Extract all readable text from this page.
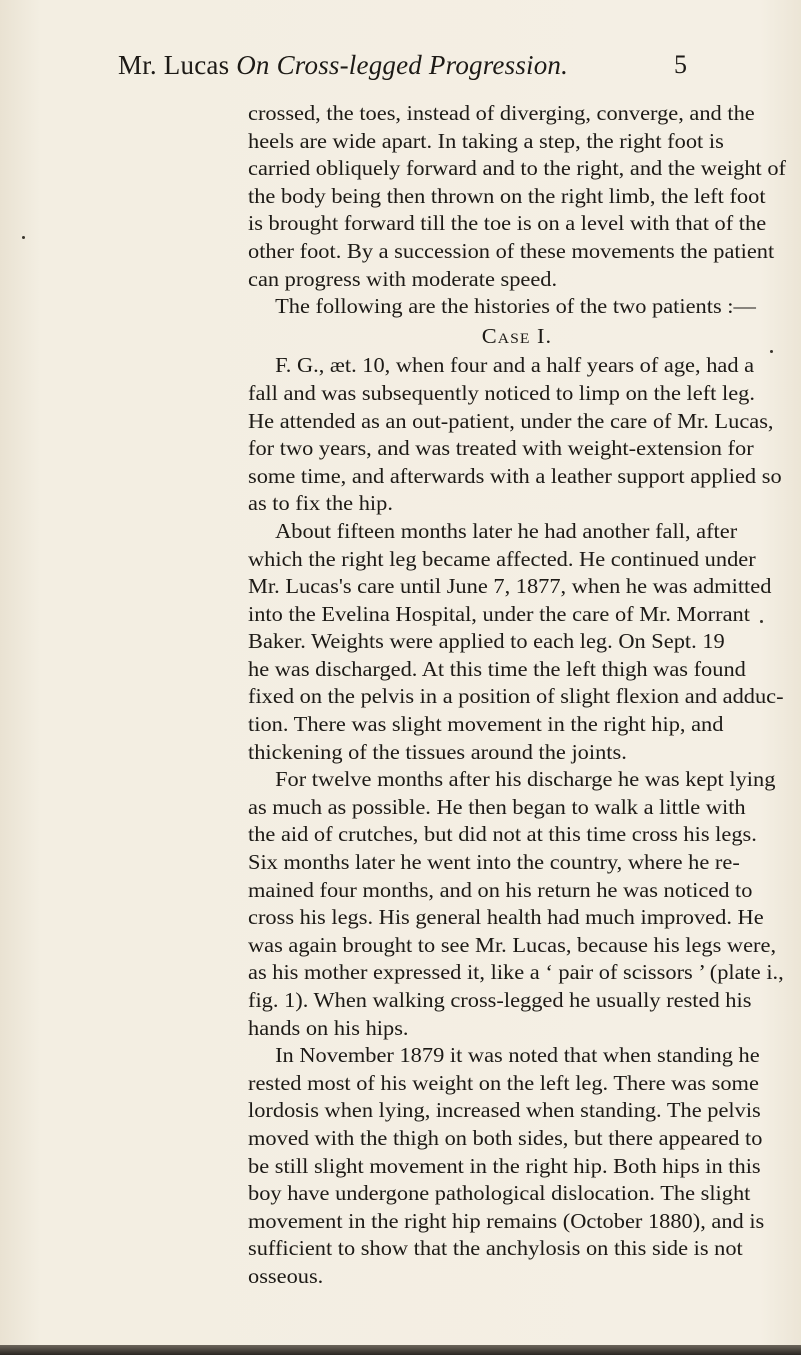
Mr. Lucas On Cross-legged Progression.	5
crossed, the toes, instead of diverging, converge, and the
heels are wide apart. In taking a step, the right foot is
carried obliquely forward and to the right, and the weight of
the body being then thrown on the right limb, the left foot
is brought forward till the toe is on a level with that of the
other foot. By a succession of these movements the patient
can progress with moderate speed.
The following are the histories of the two patients :—
Case I.
F. G., æt. 10, when four and a half years of age, had a
fall and was subsequently noticed to limp on the left leg.
He attended as an out-patient, under the care of Mr. Lucas,
for two years, and was treated with weight-extension for
some time, and afterwards with a leather support applied so
as to fix the hip.
About fifteen months later he had another fall, after
which the right leg became affected. He continued under
Mr. Lucas's care until June 7, 1877, when he was admitted
into the Evelina Hospital, under the care of Mr. Morrant
Baker. Weights were applied to each leg. On Sept. 19
he was discharged. At this time the left thigh was found
fixed on the pelvis in a position of slight flexion and adduc-
tion. There was slight movement in the right hip, and
thickening of the tissues around the joints.
For twelve months after his discharge he was kept lying
as much as possible. He then began to walk a little with
the aid of crutches, but did not at this time cross his legs.
Six months later he went into the country, where he re-
mained four months, and on his return he was noticed to
cross his legs. His general health had much improved. He
was again brought to see Mr. Lucas, because his legs were,
as his mother expressed it, like a ‘ pair of scissors ’ (plate i.,
fig. 1). When walking cross-legged he usually rested his
hands on his hips.
In November 1879 it was noted that when standing he
rested most of his weight on the left leg. There was some
lordosis when lying, increased when standing. The pelvis
moved with the thigh on both sides, but there appeared to
be still slight movement in the right hip. Both hips in this
boy have undergone pathological dislocation. The slight
movement in the right hip remains (October 1880), and is
sufficient to show that the anchylosis on this side is not
osseous.
